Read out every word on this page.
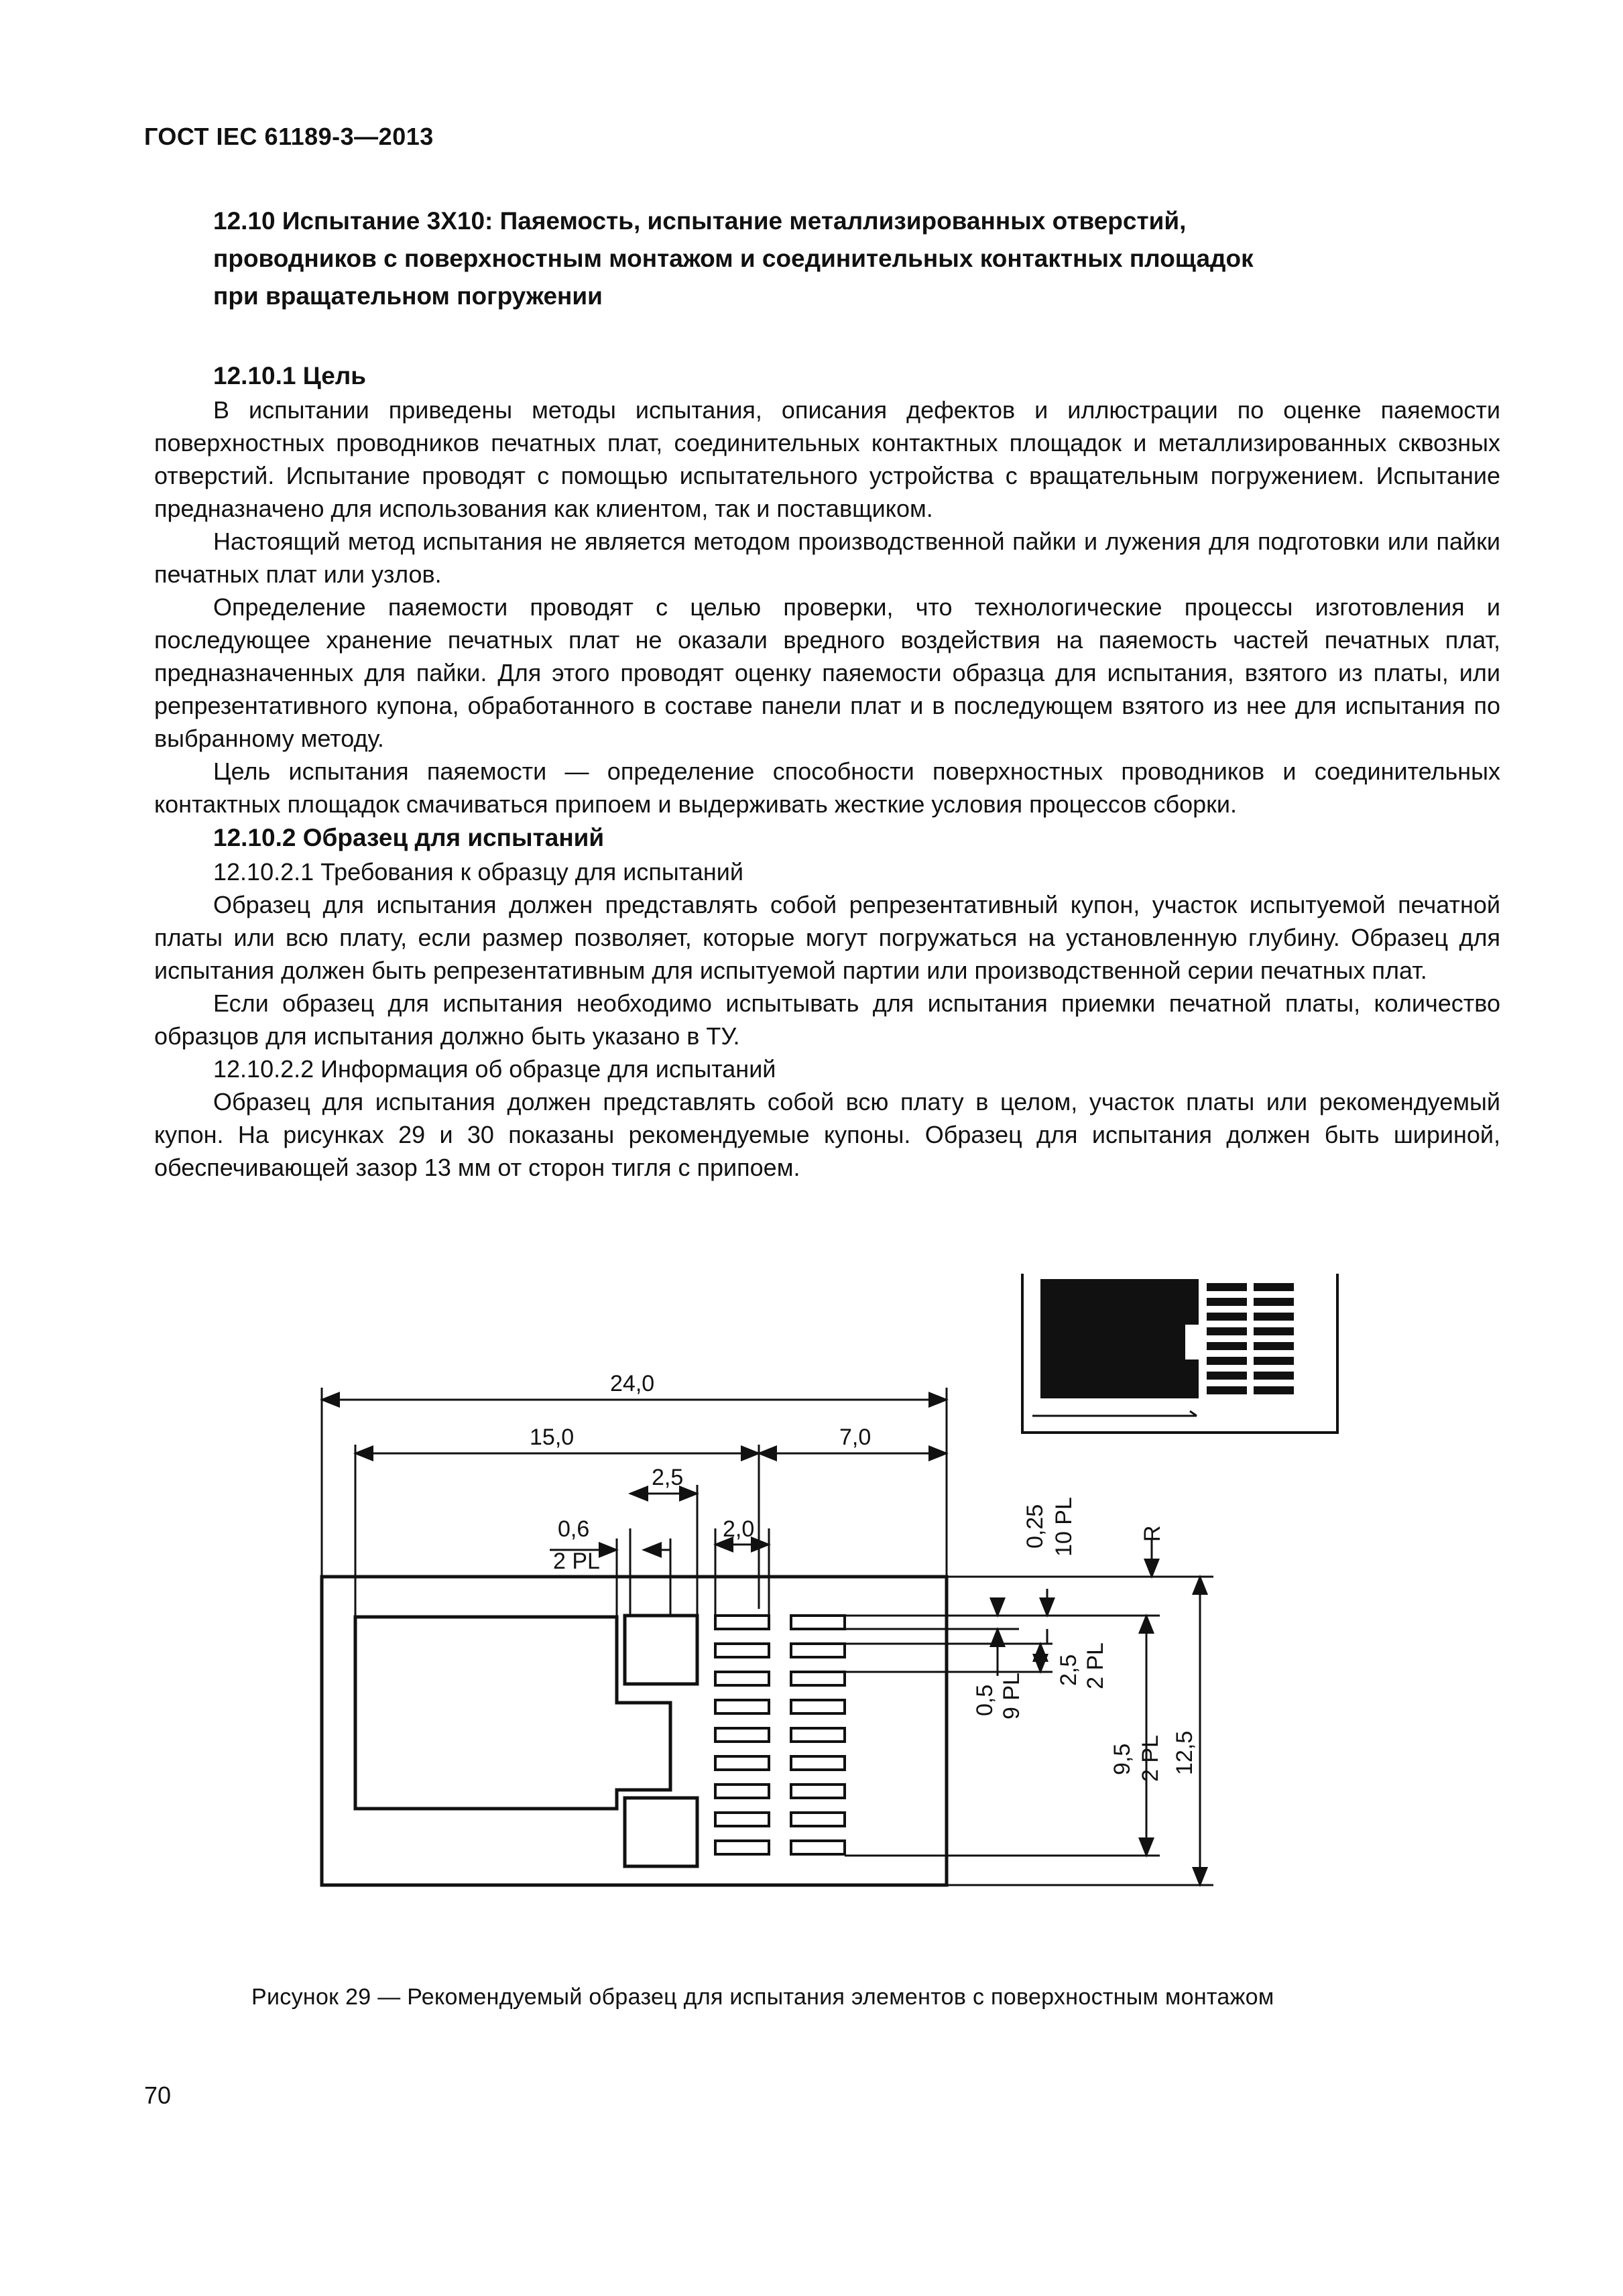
ГОСТ IEC 61189-3—2013

12.10 Испытание 3X10: Паяемость, испытание металлизированных отверстий,

проводников с поверхностным монтажом и соединительных контактных площадок

при вращательном погружении

12.10.1 Цель

В испытании приведены методы испытания, описания дефектов и иллюстрации по оценке паяемости поверхностных проводников печатных плат, соединительных контактных площадок и металлизированных сквозных отверстий. Испытание проводят с помощью испытательного устройства с вращательным погружением. Испытание предназначено для использования как клиентом, так и поставщиком.

Настоящий метод испытания не является методом производственной пайки и лужения для подготовки или пайки печатных плат или узлов.

Определение паяемости проводят с целью проверки, что технологические процессы изготовления и последующее хранение печатных плат не оказали вредного воздействия на паяемость частей печатных плат, предназначенных для пайки. Для этого проводят оценку паяемости образца для испытания, взятого из платы, или репрезентативного купона, обработанного в составе панели плат и в последующем взятого из нее для испытания по выбранному методу.

Цель испытания паяемости — определение способности поверхностных проводников и соединительных контактных площадок смачиваться припоем и выдерживать жесткие условия процессов сборки.

12.10.2 Образец для испытаний

12.10.2.1 Требования к образцу для испытаний

Образец для испытания должен представлять собой репрезентативный купон, участок испытуемой печатной платы или всю плату, если размер позволяет, которые могут погружаться на установленную глубину. Образец для испытания должен быть репрезентативным для испытуемой партии или производственной серии печатных плат.

Если образец для испытания необходимо испытывать для испытания приемки печатной платы, количество образцов для испытания должно быть указано в ТУ.

12.10.2.2 Информация об образце для испытаний

Образец для испытания должен представлять собой всю плату в целом, участок платы или рекомендуемый купон. На рисунках 29 и 30 показаны рекомендуемые купоны. Образец для испытания должен быть шириной, обеспечивающей зазор 13 мм от сторон тигля с припоем.

24,0
15,0	7,0
2,5
2,0
0,6
2 PL
0,25 10 PL	R
0,5 9 PL
2,5 2 PL
9,5 2 PL 12,5
Рисунок 29 — Рекомендуемый образец для испытания элементов с поверхностным монтажом
70
